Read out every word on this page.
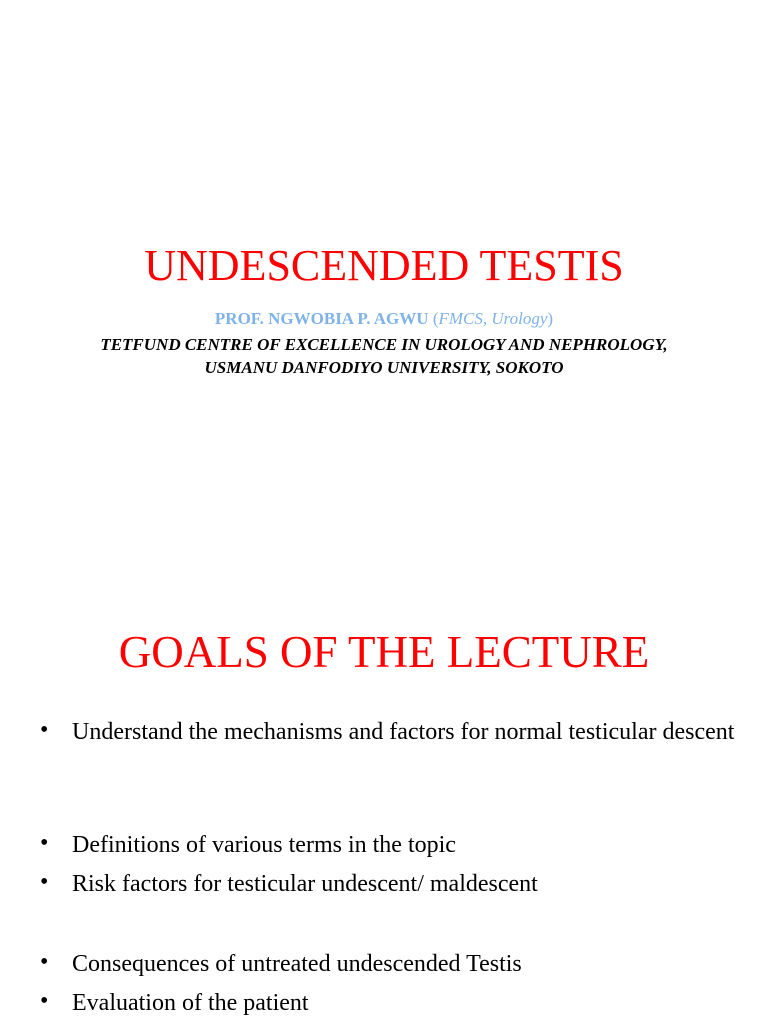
UNDESCENDED TESTIS
PROF. NGWOBIA P. AGWU (FMCS, Urology)
TETFUND CENTRE OF EXCELLENCE IN UROLOGY AND NEPHROLOGY, USMANU DANFODIYO UNIVERSITY, SOKOTO
GOALS OF THE LECTURE
• Understand the mechanisms and factors for normal testicular descent
• Definitions of various terms in the topic
• Risk factors for testicular undescent/ maldescent
• Consequences of untreated undescended Testis
• Evaluation of the patient
